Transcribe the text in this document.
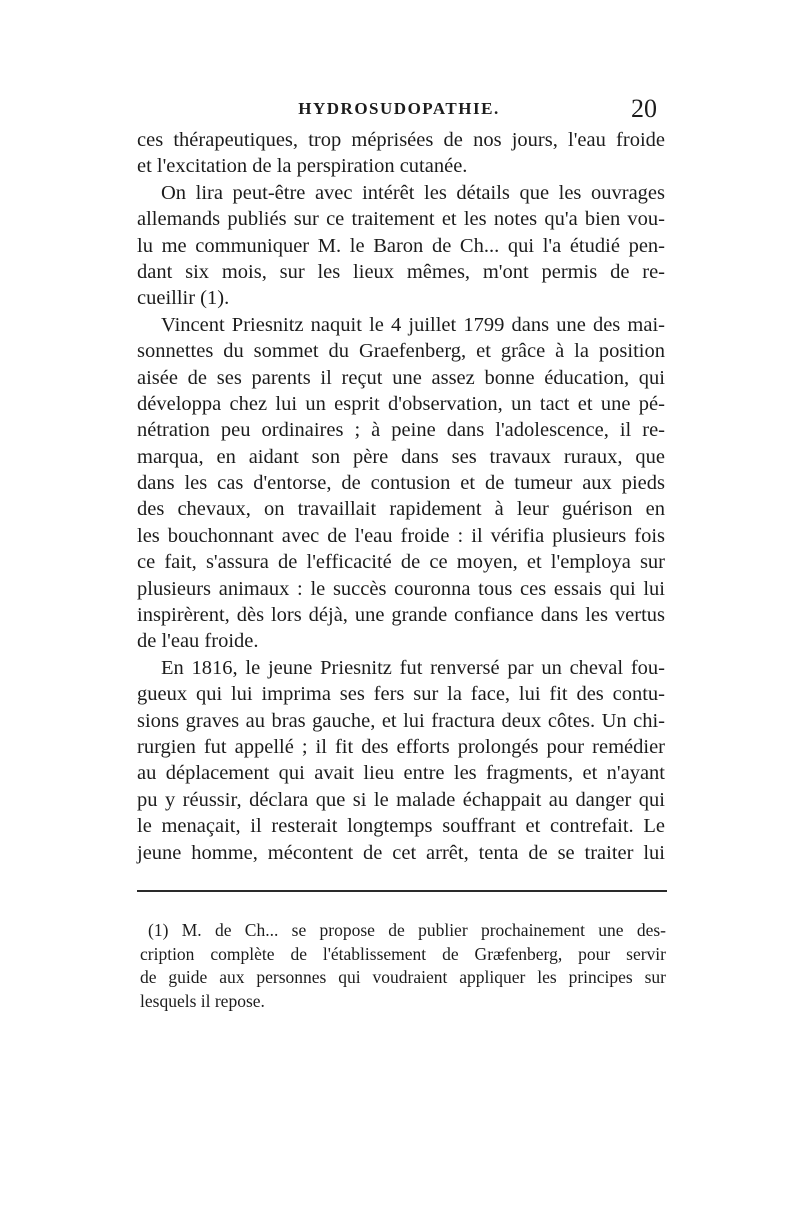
HYDROSUDOPATHIE.	20
ces thérapeutiques, trop méprisées de nos jours, l'eau froide
et l'excitation de la perspiration cutanée.
On lira peut-être avec intérêt les détails que les ouvrages
allemands publiés sur ce traitement et les notes qu'a bien vou-
lu me communiquer M. le Baron de Ch... qui l'a étudié pen-
dant six mois, sur les lieux mêmes, m'ont permis de re-
cueillir (1).
Vincent Priesnitz naquit le 4 juillet 1799 dans une des mai-
sonnettes du sommet du Graefenberg, et grâce à la position
aisée de ses parents il reçut une assez bonne éducation, qui
développa chez lui un esprit d'observation, un tact et une pé-
nétration peu ordinaires ; à peine dans l'adolescence, il re-
marqua, en aidant son père dans ses travaux ruraux, que
dans les cas d'entorse, de contusion et de tumeur aux pieds
des chevaux, on travaillait rapidement à leur guérison en
les bouchonnant avec de l'eau froide : il vérifia plusieurs fois
ce fait, s'assura de l'efficacité de ce moyen, et l'employa sur
plusieurs animaux : le succès couronna tous ces essais qui lui
inspirèrent, dès lors déjà, une grande confiance dans les vertus
de l'eau froide.
En 1816, le jeune Priesnitz fut renversé par un cheval fou-
gueux qui lui imprima ses fers sur la face, lui fit des contu-
sions graves au bras gauche, et lui fractura deux côtes. Un chi-
rurgien fut appellé ; il fit des efforts prolongés pour remédier
au déplacement qui avait lieu entre les fragments, et n'ayant
pu y réussir, déclara que si le malade échappait au danger qui
le menaçait, il resterait longtemps souffrant et contrefait. Le
jeune homme, mécontent de cet arrêt, tenta de se traiter lui
(1) M. de Ch... se propose de publier prochainement une des-
cription complète de l'établissement de Græfenberg, pour servir
de guide aux personnes qui voudraient appliquer les principes sur
lesquels il repose.
